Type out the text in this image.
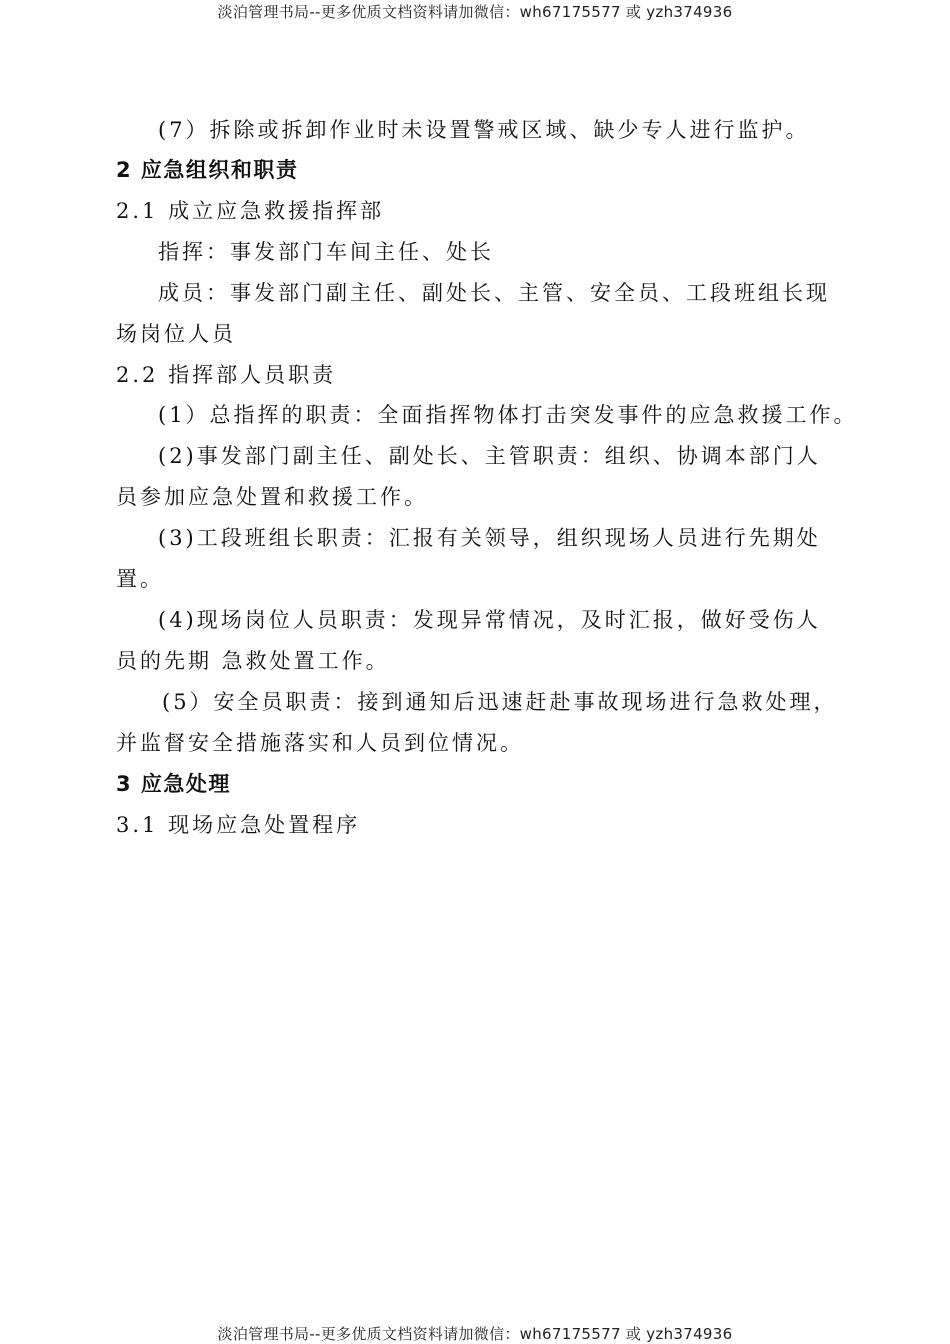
淡泊管理书局--更多优质文档资料请加微信：wh67175577 或 yzh374936
(7）拆除或拆卸作业时未设置警戒区域、缺少专人进行监护。
2 应急组织和职责
2.1 成立应急救援指挥部
指挥：事发部门车间主任、处长
成员：事发部门副主任、副处长、主管、安全员、工段班组长现
场岗位人员
2.2 指挥部人员职责
(1）总指挥的职责：全面指挥物体打击突发事件的应急救援工作。
(2)事发部门副主任、副处长、主管职责：组织、协调本部门人
员参加应急处置和救援工作。
(3)工段班组长职责：汇报有关领导，组织现场人员进行先期处
置。
(4)现场岗位人员职责：发现异常情况，及时汇报，做好受伤人
员的先期 急救处置工作。
(5）安全员职责：接到通知后迅速赶赴事故现场进行急救处理，
并监督安全措施落实和人员到位情况。
3 应急处理
3.1 现场应急处置程序
淡泊管理书局--更多优质文档资料请加微信：wh67175577 或 yzh374936
